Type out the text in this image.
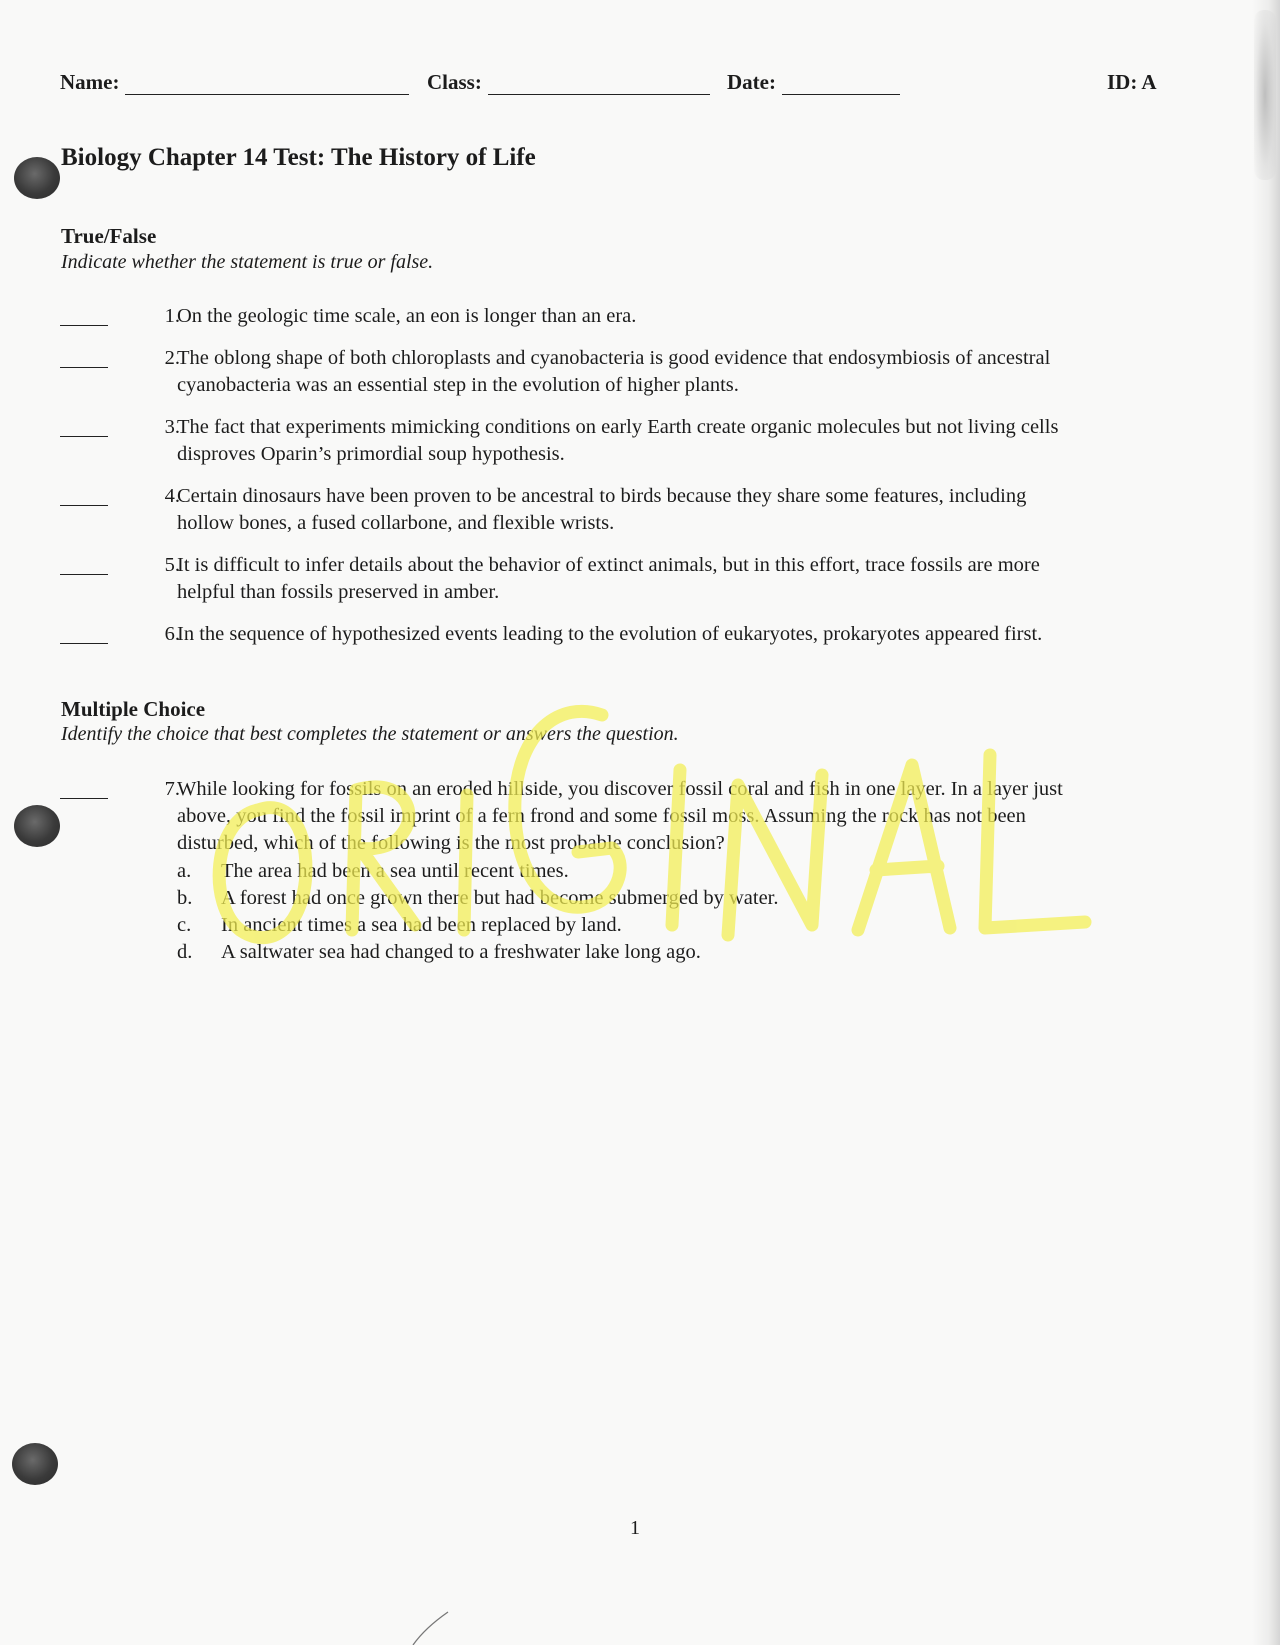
Name:	Class:	Date:	ID: A
Biology Chapter 14 Test: The History of Life
True/False
Indicate whether the statement is true or false.
1.
On the geologic time scale, an eon is longer than an era.
2.
The oblong shape of both chloroplasts and cyanobacteria is good evidence that endosymbiosis of ancestral
cyanobacteria was an essential step in the evolution of higher plants.
3.
The fact that experiments mimicking conditions on early Earth create organic molecules but not living cells
disproves Oparin’s primordial soup hypothesis.
4.
Certain dinosaurs have been proven to be ancestral to birds because they share some features, including
hollow bones, a fused collarbone, and flexible wrists.
5.
It is difficult to infer details about the behavior of extinct animals, but in this effort, trace fossils are more
helpful than fossils preserved in amber.
6.
In the sequence of hypothesized events leading to the evolution of eukaryotes, prokaryotes appeared first.
Multiple Choice
Identify the choice that best completes the statement or answers the question.
7.
While looking for fossils on an eroded hillside, you discover fossil coral and fish in one layer. In a layer just
above, you find the fossil imprint of a fern frond and some fossil moss. Assuming the rock has not been
disturbed, which of the following is the most probable conclusion?
a. The area had been a sea until recent times.
b. A forest had once grown there but had become submerged by water.
c. In ancient times a sea had been replaced by land.
d. A saltwater sea had changed to a freshwater lake long ago.
1
